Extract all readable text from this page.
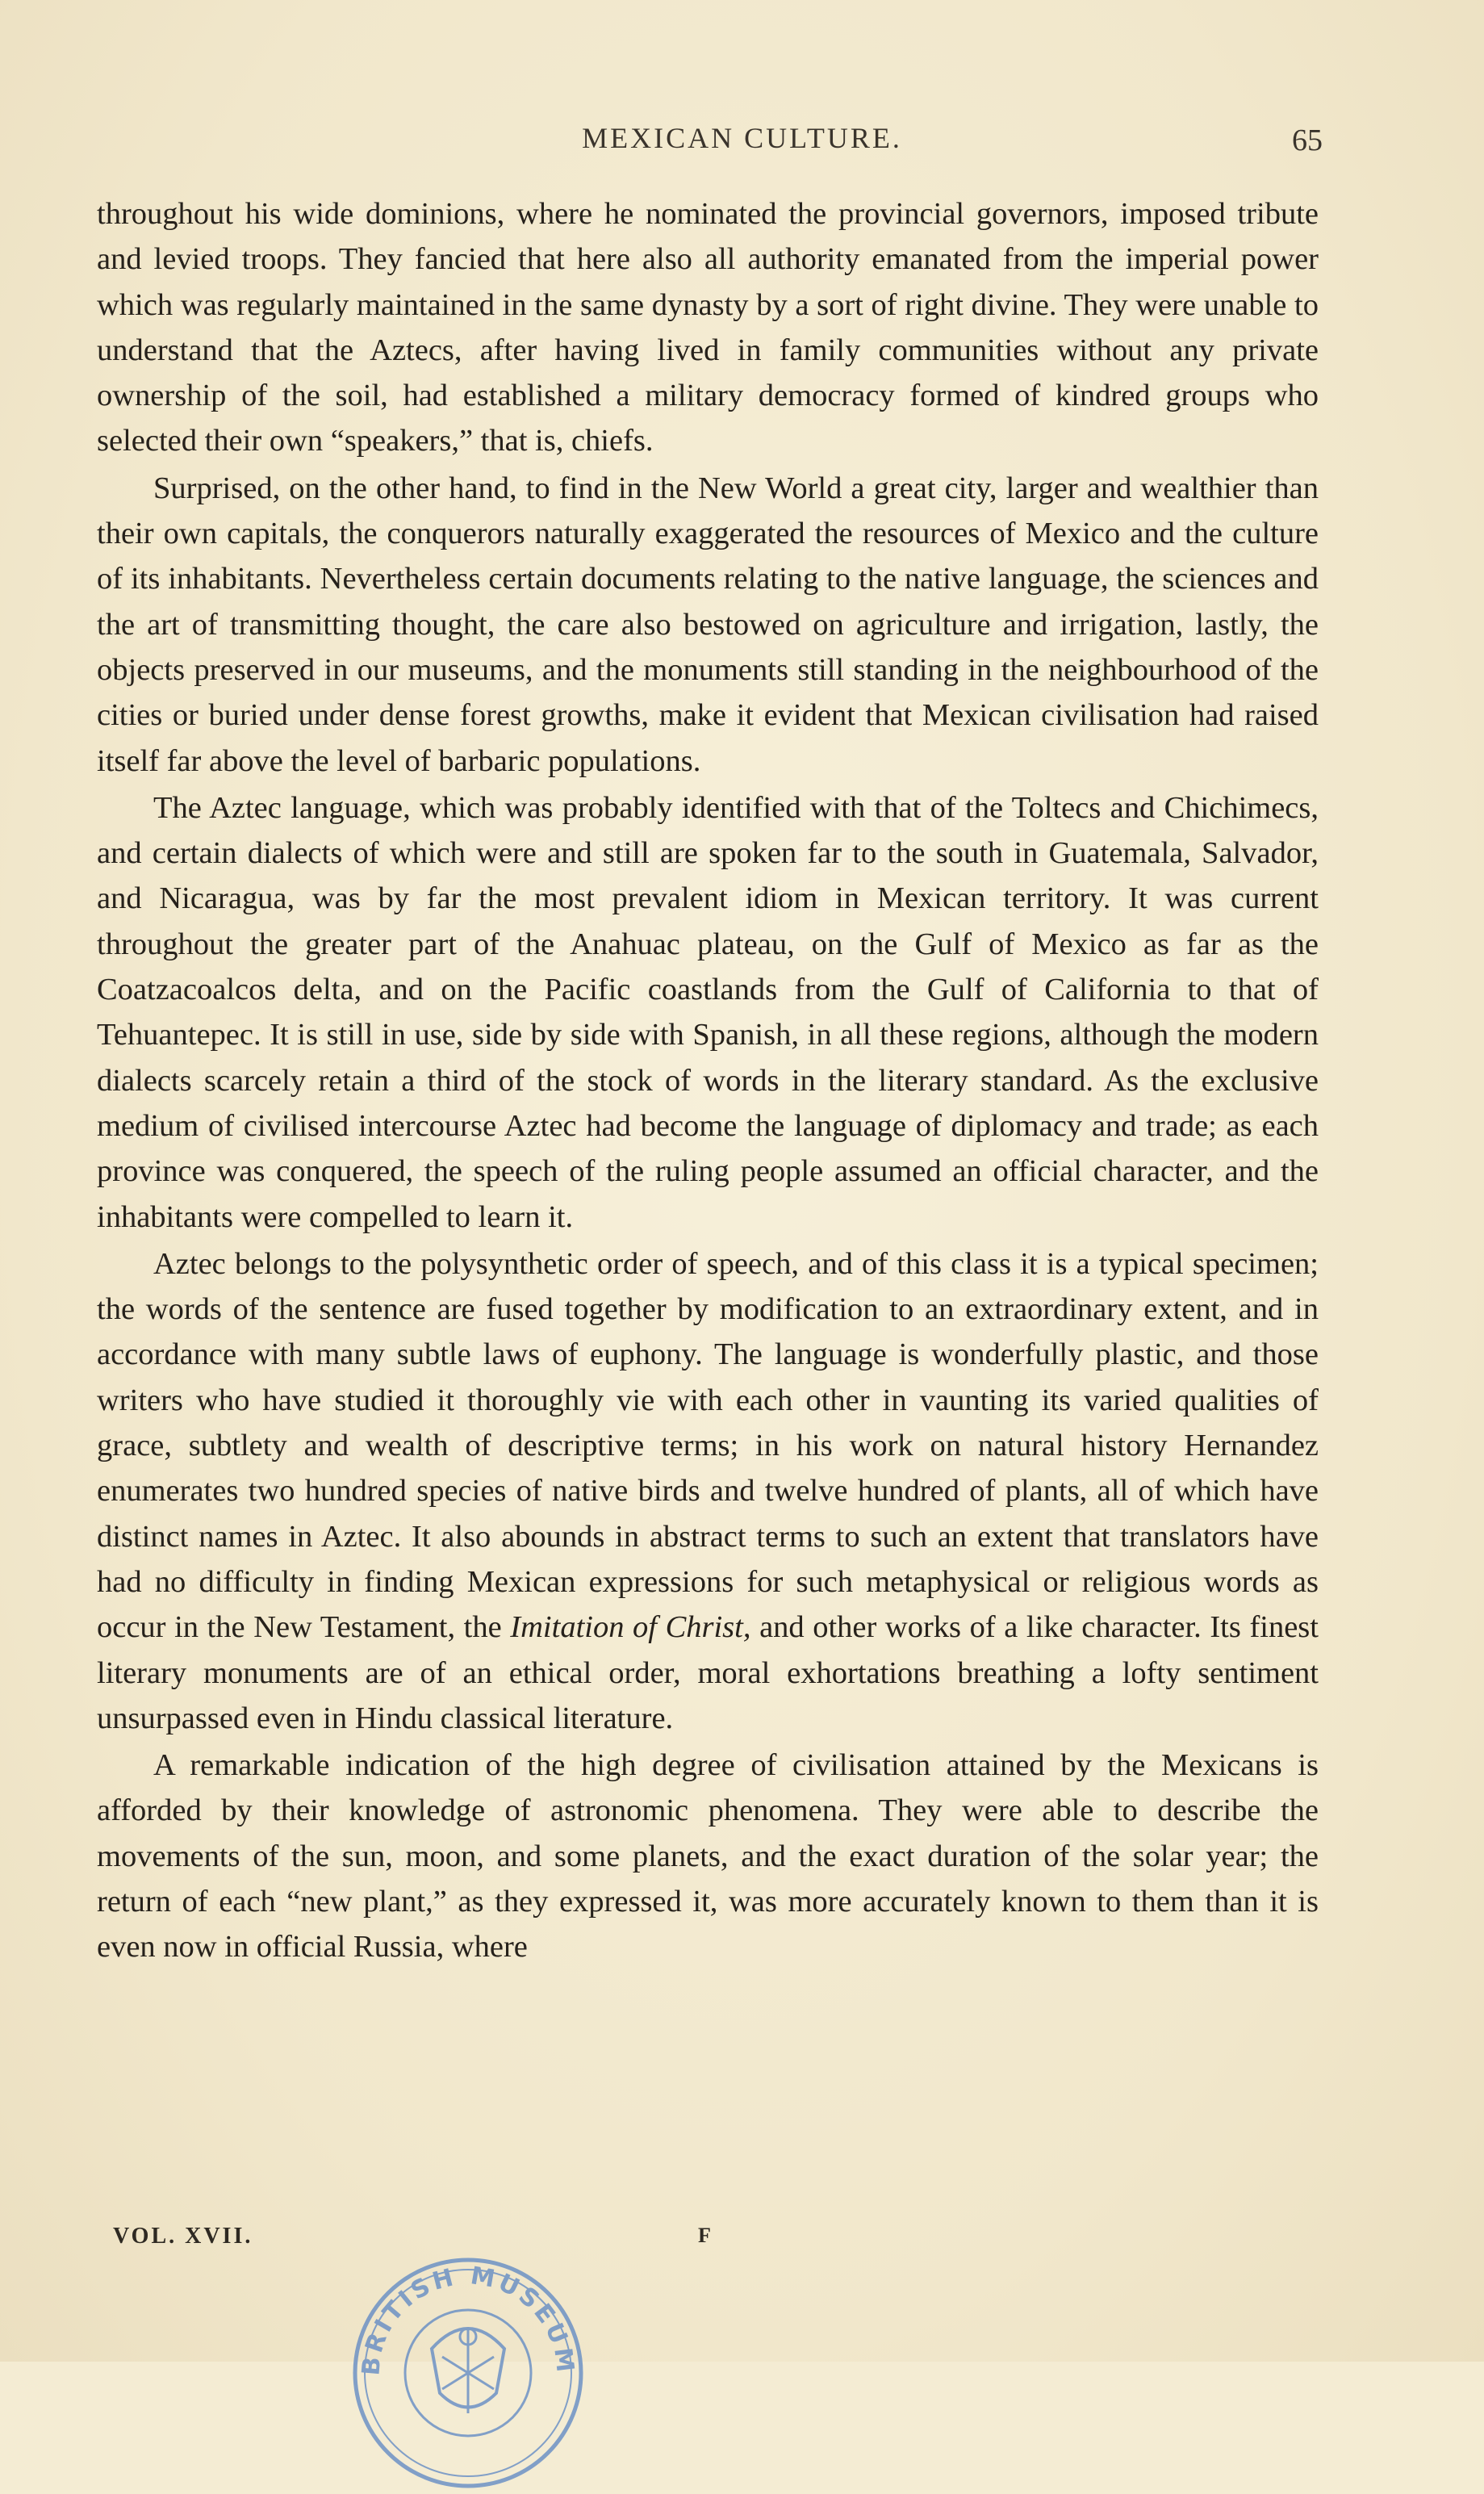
MEXICAN CULTURE.	65

throughout his wide dominions, where he nominated the provincial governors, imposed tribute and levied troops. They fancied that here also all authority emanated from the imperial power which was regularly maintained in the same dynasty by a sort of right divine. They were unable to understand that the Aztecs, after having lived in family communities without any private ownership of the soil, had established a military democracy formed of kindred groups who selected their own “speakers,” that is, chiefs.

Surprised, on the other hand, to find in the New World a great city, larger and wealthier than their own capitals, the conquerors naturally exaggerated the resources of Mexico and the culture of its inhabitants. Nevertheless certain documents relating to the native language, the sciences and the art of transmitting thought, the care also bestowed on agriculture and irrigation, lastly, the objects preserved in our museums, and the monuments still standing in the neighbourhood of the cities or buried under dense forest growths, make it evident that Mexican civilisation had raised itself far above the level of barbaric populations.

The Aztec language, which was probably identified with that of the Toltecs and Chichimecs, and certain dialects of which were and still are spoken far to the south in Guatemala, Salvador, and Nicaragua, was by far the most prevalent idiom in Mexican territory. It was current throughout the greater part of the Anahuac plateau, on the Gulf of Mexico as far as the Coatzacoalcos delta, and on the Pacific coastlands from the Gulf of California to that of Tehuantepec. It is still in use, side by side with Spanish, in all these regions, although the modern dialects scarcely retain a third of the stock of words in the literary standard. As the exclusive medium of civilised intercourse Aztec had become the language of diplomacy and trade; as each province was conquered, the speech of the ruling people assumed an official character, and the inhabitants were compelled to learn it.

Aztec belongs to the polysynthetic order of speech, and of this class it is a typical specimen; the words of the sentence are fused together by modification to an extraordinary extent, and in accordance with many subtle laws of euphony. The language is wonderfully plastic, and those writers who have studied it thoroughly vie with each other in vaunting its varied qualities of grace, subtlety and wealth of descriptive terms; in his work on natural history Hernandez enumerates two hundred species of native birds and twelve hundred of plants, all of which have distinct names in Aztec. It also abounds in abstract terms to such an extent that translators have had no difficulty in finding Mexican expressions for such metaphysical or religious words as occur in the New Testament, the Imitation of Christ, and other works of a like character. Its finest literary monuments are of an ethical order, moral exhortations breathing a lofty sentiment unsurpassed even in Hindu classical literature.

A remarkable indication of the high degree of civilisation attained by the Mexicans is afforded by their knowledge of astronomic phenomena. They were able to describe the movements of the sun, moon, and some planets, and the exact duration of the solar year; the return of each “new plant,” as they expressed it, was more accurately known to them than it is even now in official Russia, where

VOL. XVII.	F
BRITISH MUSEUM
